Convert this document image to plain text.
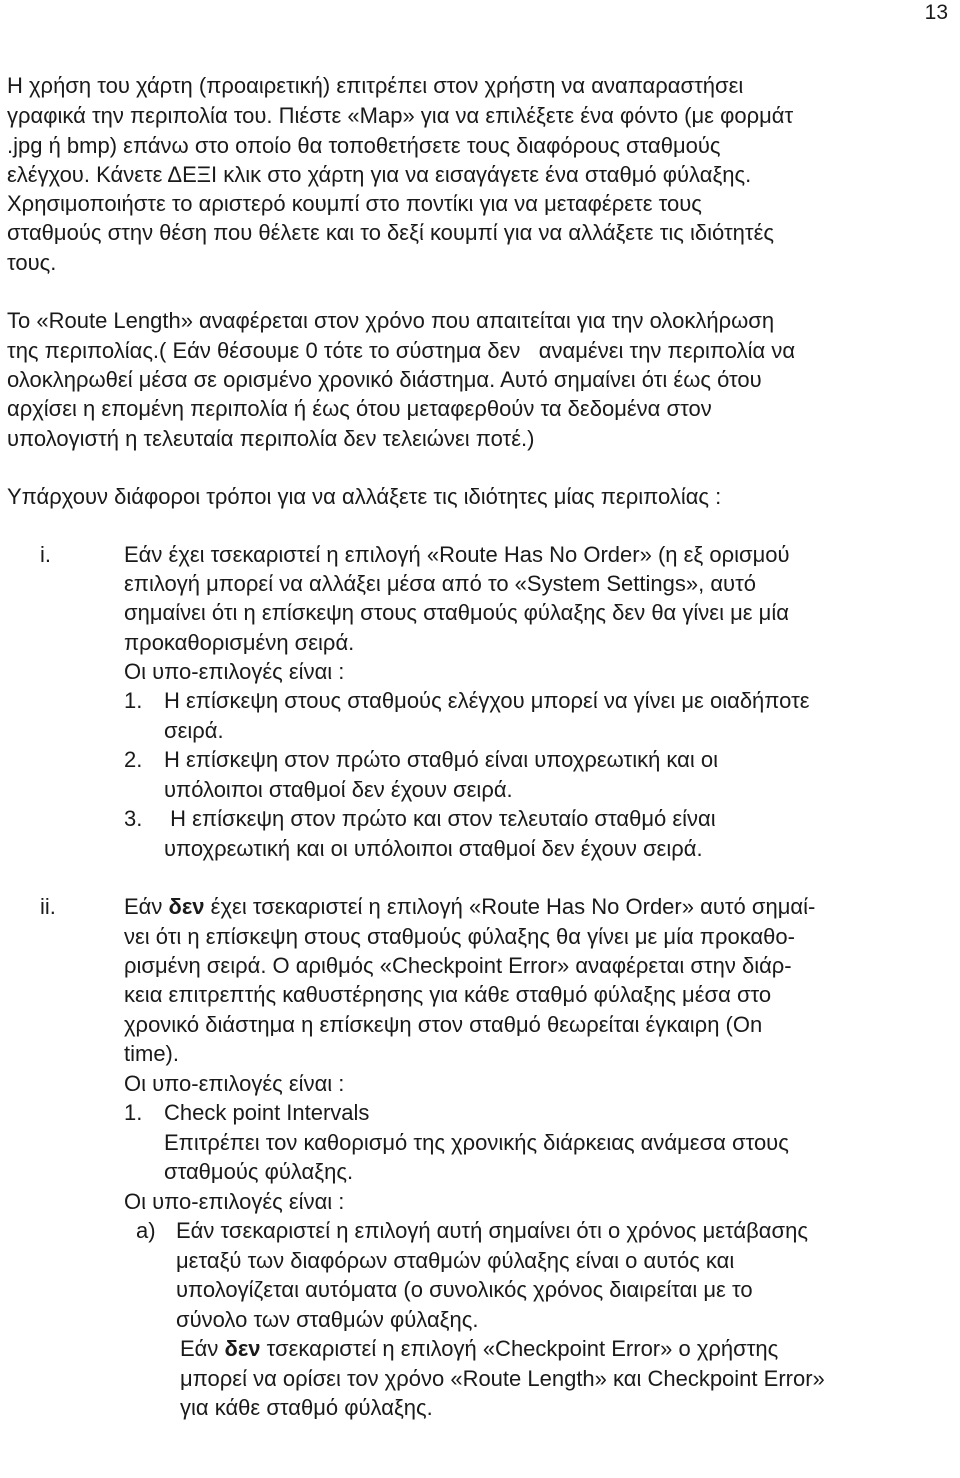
13
Η χρήση του χάρτη (προαιρετική) επιτρέπει στον χρήστη να αναπαραστήσει
γραφικά την περιπολία του. Πιέστε «Map» για να επιλέξετε ένα φόντο (με φορμάτ
.jpg ή bmp) επάνω στο οποίο θα τοποθετήσετε τους διαφόρους σταθμούς
ελέγχου. Κάνετε ΔΕΞΙ κλικ στο χάρτη για να εισαγάγετε ένα σταθμό φύλαξης.
Χρησιμοποιήστε το αριστερό κουμπί στο ποντίκι για να μεταφέρετε τους
σταθμούς στην θέση που θέλετε και το δεξί κουμπί για να αλλάξετε τις ιδιότητές
τους.
Το «Route Length» αναφέρεται στον χρόνο που απαιτείται για την ολοκλήρωση
της περιπολίας.( Εάν θέσουμε 0 τότε το σύστημα δεν   αναμένει την περιπολία να
ολοκληρωθεί μέσα σε ορισμένο χρονικό διάστημα. Αυτό σημαίνει ότι έως ότου
αρχίσει η επομένη περιπολία ή έως ότου μεταφερθούν τα δεδομένα στον
υπολογιστή η τελευταία περιπολία δεν τελειώνει ποτέ.)
Υπάρχουν διάφοροι τρόποι για να αλλάξετε τις ιδιότητες μίας περιπολίας :
i.	Εάν έχει τσεκαριστεί η επιλογή «Route Has No Order» (η εξ ορισμού
επιλογή μπορεί να αλλάξει μέσα από το «System Settings», αυτό
σημαίνει ότι η επίσκεψη στους σταθμούς φύλαξης δεν θα γίνει με μία
προκαθορισμένη σειρά.
Οι υπο-επιλογές είναι :
1. Η επίσκεψη στους σταθμούς ελέγχου μπορεί να γίνει με οιαδήποτε
σειρά.
2. Η επίσκεψη στον πρώτο σταθμό είναι υποχρεωτική και οι
υπόλοιποι σταθμοί δεν έχουν σειρά.
3. Η επίσκεψη στον πρώτο και στον τελευταίο σταθμό είναι
υποχρεωτική και οι υπόλοιποι σταθμοί δεν έχουν σειρά.
ii.	Εάν δεν έχει τσεκαριστεί η επιλογή «Route Has No Order» αυτό σημαί-
νει ότι η επίσκεψη στους σταθμούς φύλαξης θα γίνει με μία προκαθο-
ρισμένη σειρά. Ο αριθμός «Checkpoint Error» αναφέρεται στην διάρ-
κεια επιτρεπτής καθυστέρησης για κάθε σταθμό φύλαξης μέσα στο
χρονικό διάστημα η επίσκεψη στον σταθμό θεωρείται έγκαιρη (On
time).
Οι υπο-επιλογές είναι :
1. Check point Intervals
Επιτρέπει τον καθορισμό της χρονικής διάρκειας ανάμεσα στους
σταθμούς φύλαξης.
Οι υπο-επιλογές είναι :
a) Εάν τσεκαριστεί η επιλογή αυτή σημαίνει ότι ο χρόνος μετάβασης
μεταξύ των διαφόρων σταθμών φύλαξης είναι ο αυτός και
υπολογίζεται αυτόματα (ο συνολικός χρόνος διαιρείται με το
σύνολο των σταθμών φύλαξης.
Εάν δεν τσεκαριστεί η επιλογή «Checkpoint Error» ο χρήστης
μπορεί να ορίσει τον χρόνο «Route Length» και Checkpoint Error»
για κάθε σταθμό φύλαξης.
